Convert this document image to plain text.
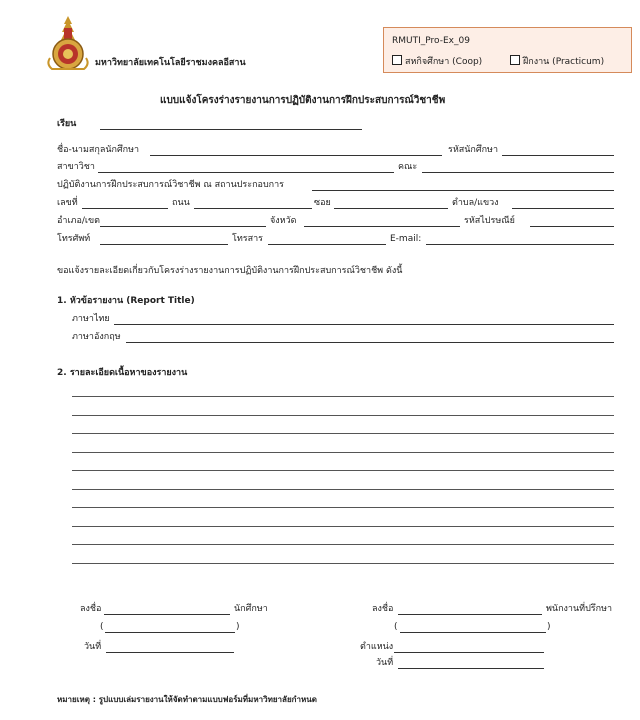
มหาวิทยาลัยเทคโนโลยีราชมงคลอีสาน
RMUTI_Pro-Ex_09
สหกิจศึกษา (Coop)	ฝึกงาน (Practicum)
แบบแจ้งโครงร่างรายงานการปฏิบัติงานการฝึกประสบการณ์วิชาชีพ
เรียน
ชื่อ-นามสกุลนักศึกษา	รหัสนักศึกษา
สาขาวิชา	คณะ
ปฏิบัติงานการฝึกประสบการณ์วิชาชีพ ณ สถานประกอบการ
เลขที่	ถนน	ซอย	ตำบล/แขวง
อำเภอ/เขต	จังหวัด	รหัสไปรษณีย์
โทรศัพท์	โทรสาร	E-mail:
ขอแจ้งรายละเอียดเกี่ยวกับโครงร่างรายงานการปฏิบัติงานการฝึกประสบการณ์วิชาชีพ ดังนี้
1. หัวข้อรายงาน (Report Title)
ภาษาไทย
ภาษาอังกฤษ
2. รายละเอียดเนื้อหาของรายงาน
ลงชื่อ	นักศึกษา
(	)
วันที่
ลงชื่อ	พนักงานที่ปรึกษา
(	)
ตำแหน่ง
วันที่
หมายเหตุ : รูปแบบเล่มรายงานให้จัดทำตามแบบฟอร์มที่มหาวิทยาลัยกำหนด
